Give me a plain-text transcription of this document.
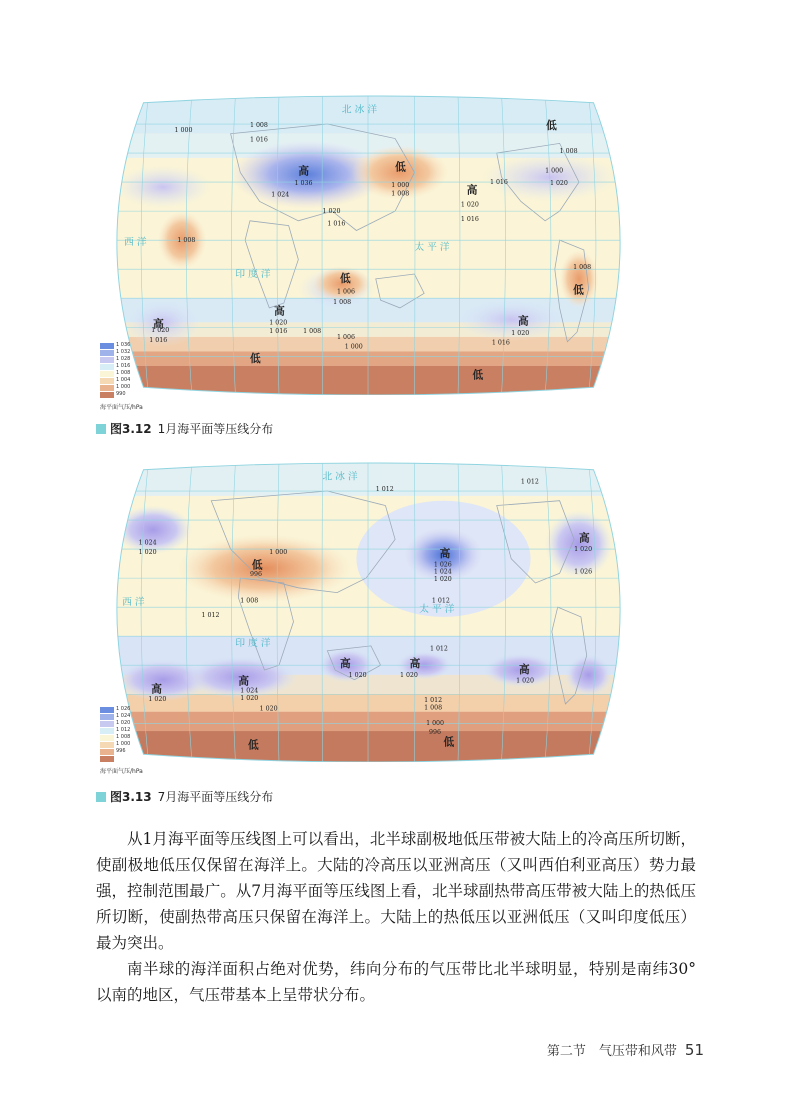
高	低
低
高
低
高
高
高
低
低
低
太 平 洋
印 度 洋
北 冰 洋
西 洋
1 036
1 024
1 000
1 008
1 020
1 016
1 008
1 016
1 000
1 008
1 020
1 016
1 006
1 008
1 020
1 016 1 008
1 006
1 000
1 020
1 016
1 008
1 016
1 020
1 008
1 000
1 020
1 016
1 036
1 032
1 028
1 016
1 008
1 004
1 000
990
海平面气压/hPa
图3.12 1月海平面等压线分布
低
高
高
高
高
高	高	高
低	低
太 平 洋
印 度 洋
北 冰 洋
西 洋
1 012
1 012
1 024
1 020
1 012
1 000
996
1 008
1 026
1 024
1 020
1 012
1 020
1 026
1 020
1 012
1 024
1 020
1 020
1 020
1 020	1 012
1 008
1 000
996
1 020
1 026
1 024
1 020
1 012
1 008
1 000
996
海平面气压/hPa
图3.13 7月海平面等压线分布

从1月海平面等压线图上可以看出，北半球副极地低压带被大陆上的冷高压所切断，使副极地低压仅保留在海洋上。大陆的冷高压以亚洲高压（又叫西伯利亚高压）势力最强，控制范围最广。从7月海平面等压线图上看，北半球副热带高压带被大陆上的热低压所切断，使副热带高压只保留在海洋上。大陆上的热低压以亚洲低压（又叫印度低压）最为突出。

南半球的海洋面积占绝对优势，纬向分布的气压带比北半球明显，特别是南纬30°以南的地区，气压带基本上呈带状分布。

第二节　气压带和风带 51
